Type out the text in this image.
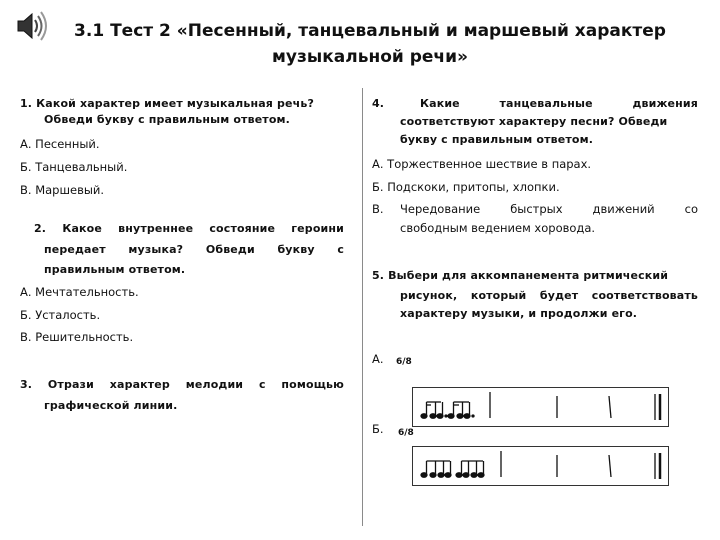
3.1 Тест 2 «Песенный, танцевальный и маршевый характер
музыкальной речи»
1. Какой характер имеет музыкальная речь?
Обведи букву с правильным ответом.
А. Песенный.
Б. Танцевальный.
В. Маршевый.
2. Какое внутреннее состояние героини
передает музыка? Обведи букву с
правильным ответом.
А. Мечтательность.
Б. Усталость.
В. Решительность.
3. Отрази характер мелодии с помощью
графической линии.
4.	Какие танцевальные движения
соответствуют характеру песни? Обведи
букву с правильным ответом.
А. Торжественное шествие в парах.
Б. Подскоки, притопы, хлопки.
В. Чередование быстрых движений со
свободным ведением хоровода.
5. Выбери для аккомпанемента ритмический
рисунок, который будет соответствовать
характеру музыки, и продолжи его.
А. 6/8
Б. 6/8
